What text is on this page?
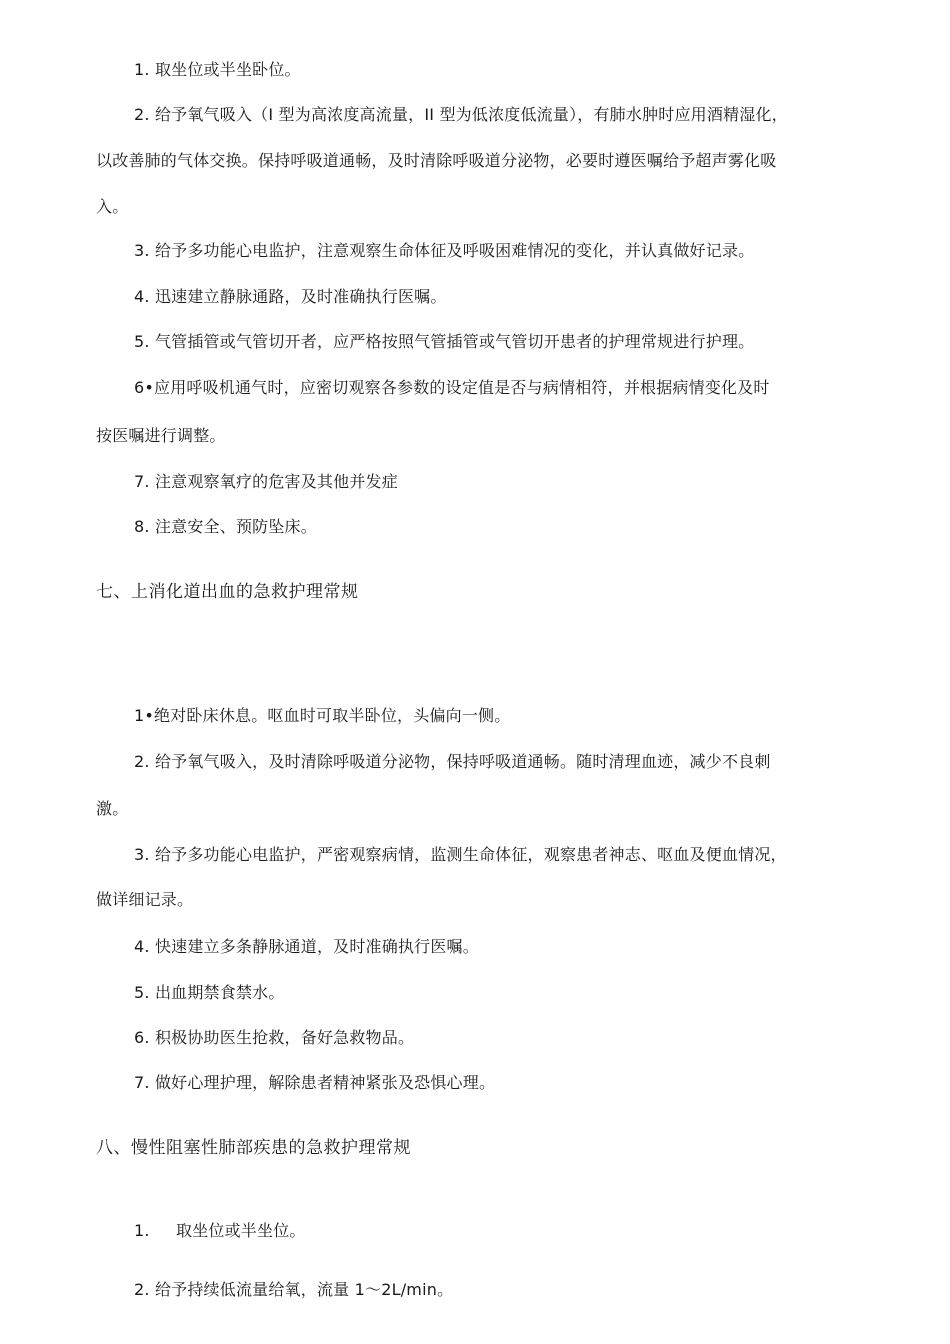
1. 取坐位或半坐卧位。
2. 给予氧气吸入（I 型为高浓度高流量，II 型为低浓度低流量），有肺水肿时应用酒精湿化，
以改善肺的气体交换。保持呼吸道通畅，及时清除呼吸道分泌物，必要时遵医嘱给予超声雾化吸
入。
3. 给予多功能心电监护，注意观察生命体征及呼吸困难情况的变化，并认真做好记录。
4. 迅速建立静脉通路，及时准确执行医嘱。
5. 气管插管或气管切开者，应严格按照气管插管或气管切开患者的护理常规进行护理。
6•应用呼吸机通气时，应密切观察各参数的设定值是否与病情相符，并根据病情变化及时
按医嘱进行调整。
7. 注意观察氧疗的危害及其他并发症
8. 注意安全、预防坠床。
七、上消化道出血的急救护理常规
1•绝对卧床休息。呕血时可取半卧位，头偏向一侧。
2. 给予氧气吸入，及时清除呼吸道分泌物，保持呼吸道通畅。随时清理血迹，减少不良刺
激。
3. 给予多功能心电监护，严密观察病情，监测生命体征，观察患者神志、呕血及便血情况，
做详细记录。
4. 快速建立多条静脉通道，及时准确执行医嘱。
5. 出血期禁食禁水。
6. 积极协助医生抢救，备好急救物品。
7. 做好心理护理，解除患者精神紧张及恐惧心理。
八、慢性阻塞性肺部疾患的急救护理常规
1. 取坐位或半坐位。
2. 给予持续低流量给氧，流量 1〜2L/min。
